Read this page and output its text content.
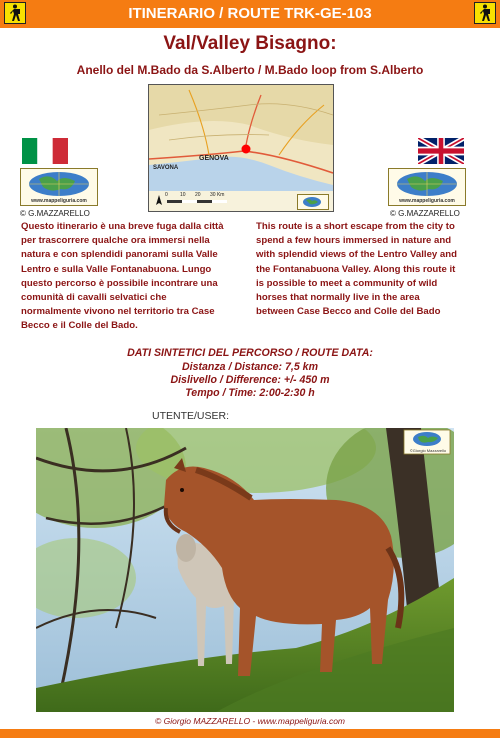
ITINERARIO / ROUTE TRK-GE-103
Val/Valley Bisagno:
Anello del M.Bado da S.Alberto / M.Bado loop from S.Alberto
GENOVA
SAVONA
0 10 20 30 Km
www.mappeliguria.com
© G.MAZZARELLO
Questo itinerario è una breve fuga dalla città
per trascorrere qualche ora immersi nella
natura e con splendidi panorami sulla Valle
Lentro e sulla Valle Fontanabuona. Lungo
questo percorso è possibile incontrare una
comunità di cavalli selvatici che
normalmente vivono nel territorio tra Case
Becco e il Colle del Bado.
www.mappeliguria.com
© G.MAZZARELLO
This route is a short escape from the city to
spend a few hours immersed in nature and
with splendid views of the Lentro Valley and
the Fontanabuona Valley. Along this route it
is possible to meet a community of wild
horses that normally live in the area
between Case Becco and Colle del Bado
DATI SINTETICI DEL PERCORSO / ROUTE DATA:
Distanza / Distance: 7,5 km
Dislivello / Difference: +/- 450 m
Tempo / Time: 2:00-2:30 h
UTENTE/USER:
©Giorgio Mazzarello
© Giorgio MAZZARELLO - www.mappeliguria.com
